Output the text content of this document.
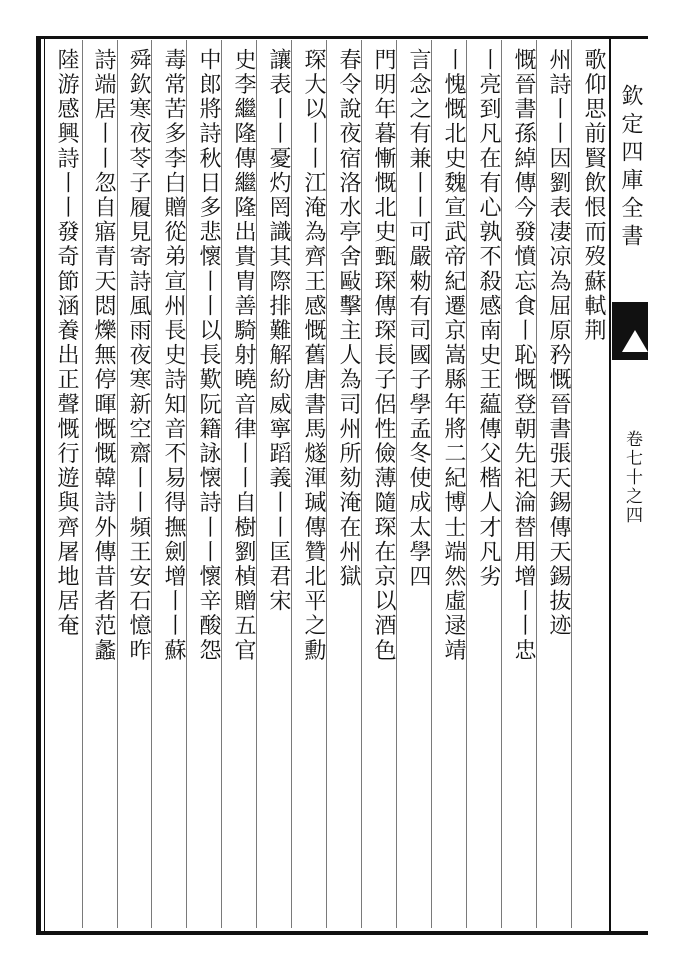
欽定四庫全書
卷七十之四
歌仰思前賢飲恨而歿蘇軾荆
州詩丨丨因劉表凄凉為屈原矜慨晉書張天錫傳天錫抜迹
慨晉書孫綽傳今發憤忘食丨恥慨登朝先祀淪替用增丨丨忠
丨亮到凡在有心孰不殺感南史王藴傳父楷人才凡劣
丨愧慨北史魏宣武帝紀遷京嵩縣年將二紀博士端然虛逯靖
言念之有兼丨丨可嚴勑有司國子學孟冬使成太學四
門明年暮慚慨北史甄琛傳琛長子侶性儉薄隨琛在京以酒色
春令說夜宿洛水亭舍敺擊主人為司州所劾淹在州獄
琛大以丨丨江淹為齊王感慨舊唐書馬燧渾瑊傳贊北平之勳
讓表丨丨憂灼罔識其際排難解紛威寧蹈義丨丨匡君宋
史李繼隆傳繼隆出貴胄善騎射曉音律丨丨自樹劉楨贈五官
中郎將詩秋日多悲懷丨丨以長歎阮籍詠懐詩丨丨懷辛酸怨
毒常苦多李白贈從弟宣州長史詩知音不易得撫劍增丨丨蘇
舜欽寒夜苓子履見寄詩風雨夜寒新空齋丨丨頻王安石憶昨
詩端居丨丨忽自寤青天悶爍無停暉慨慨韓詩外傳昔者范蠡
陸游感興詩丨丨發奇節涵養出正聲慨行遊與齊屠地居奄
